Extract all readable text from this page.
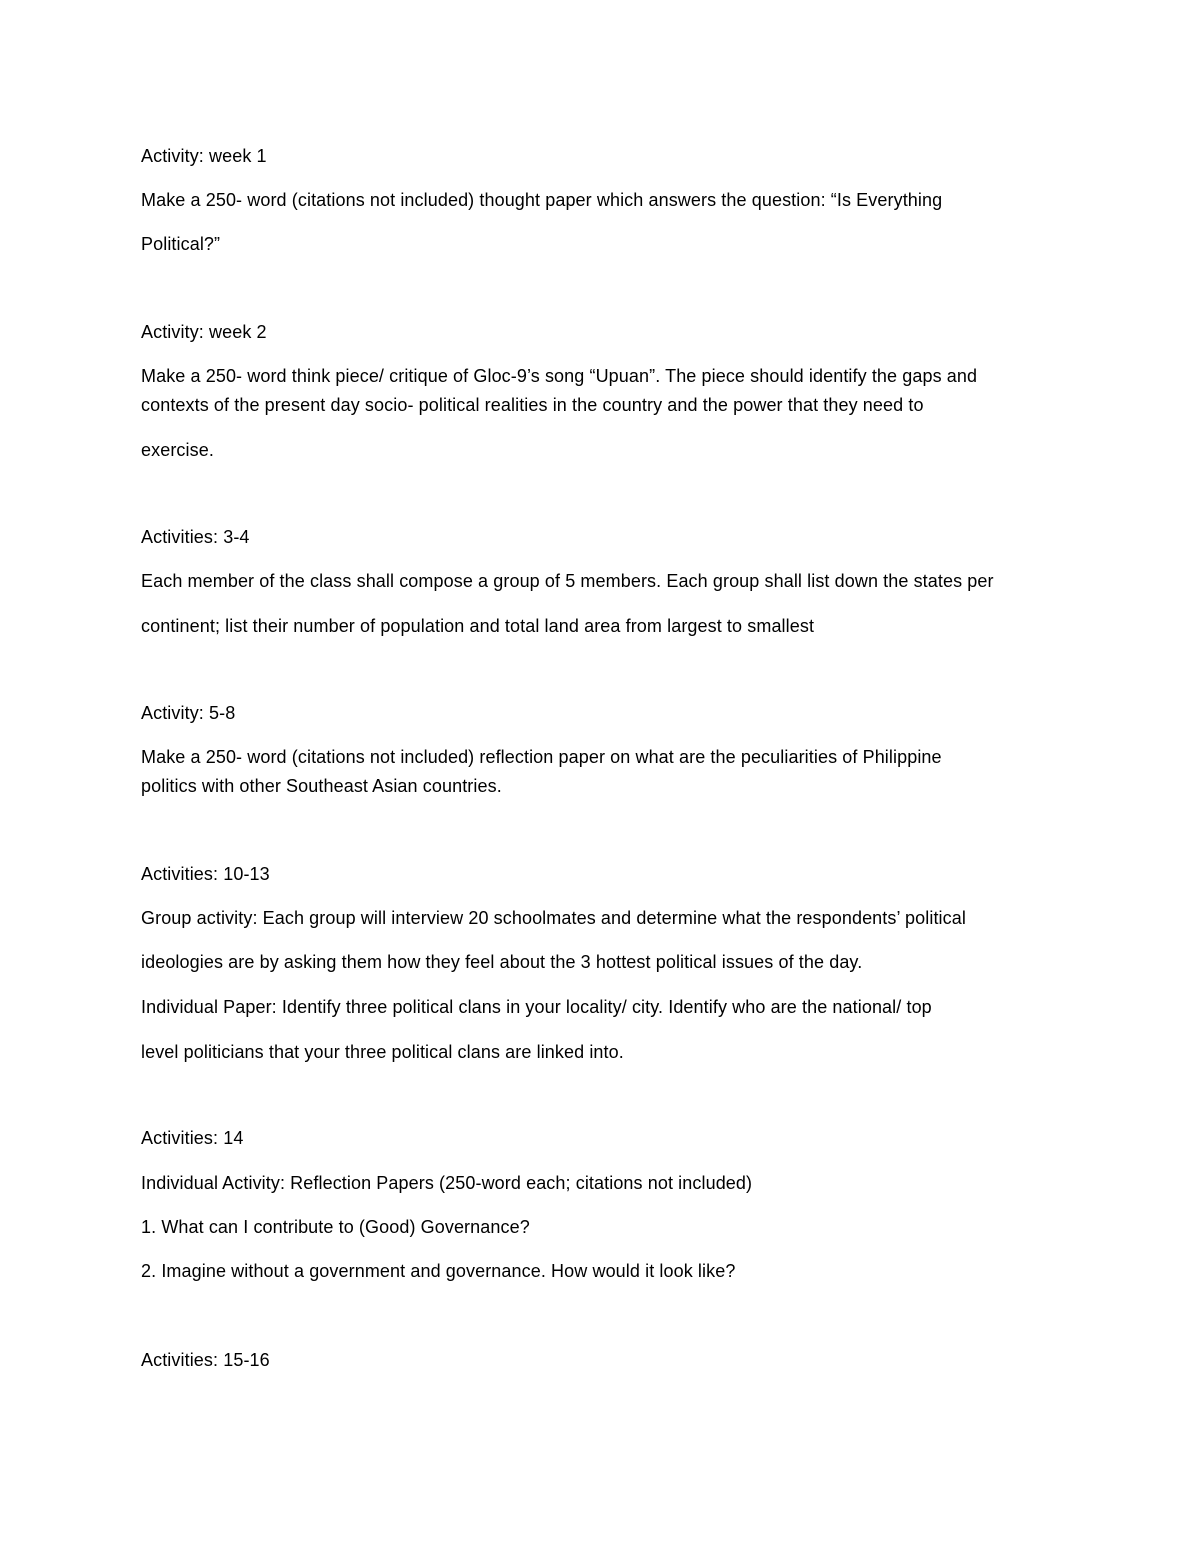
Activity: week 1
Make a 250- word (citations not included) thought paper which answers the question: “Is Everything
Political?”
Activity: week 2
Make a 250- word think piece/ critique of Gloc-9’s song “Upuan”. The piece should identify the gaps and
contexts of the present day socio- political realities in the country and the power that they need to
exercise.
Activities: 3-4
Each member of the class shall compose a group of 5 members. Each group shall list down the states per
continent; list their number of population and total land area from largest to smallest
Activity: 5-8
Make a 250- word (citations not included) reflection paper on what are the peculiarities of Philippine
politics with other Southeast Asian countries.
Activities: 10-13
Group activity: Each group will interview 20 schoolmates and determine what the respondents’ political
ideologies are by asking them how they feel about the 3 hottest political issues of the day.
Individual Paper: Identify three political clans in your locality/ city. Identify who are the national/ top
level politicians that your three political clans are linked into.
Activities: 14
Individual Activity: Reflection Papers (250-word each; citations not included)
1. What can I contribute to (Good) Governance?
2. Imagine without a government and governance. How would it look like?
Activities: 15-16
